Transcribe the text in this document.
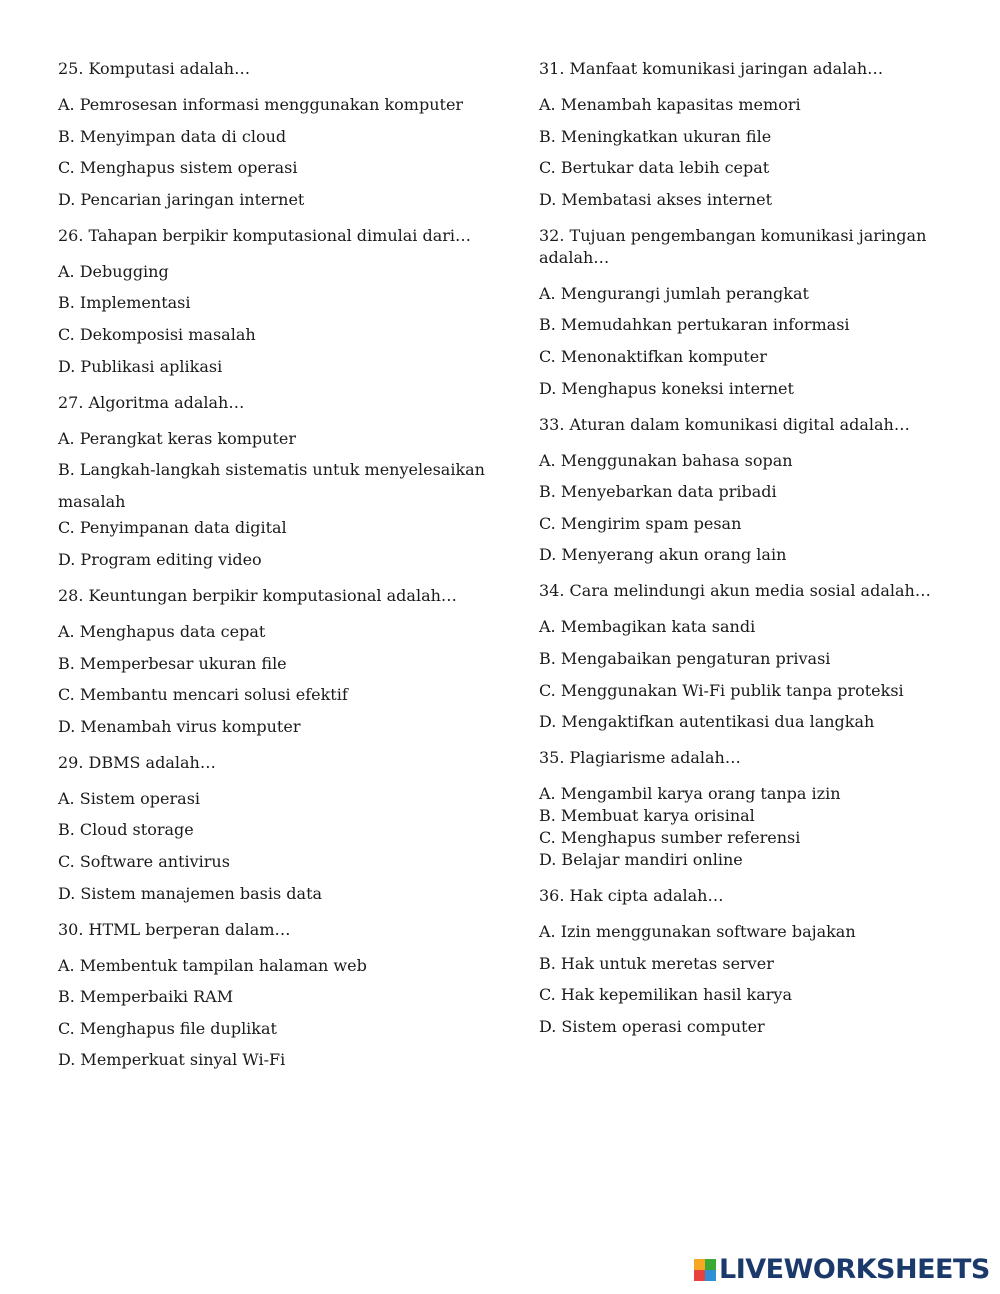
25. Komputasi adalah…

A. Pemrosesan informasi menggunakan komputer

B. Menyimpan data di cloud

C. Menghapus sistem operasi

D. Pencarian jaringan internet

26. Tahapan berpikir komputasional dimulai dari…

A. Debugging

B. Implementasi

C. Dekomposisi masalah

D. Publikasi aplikasi

27. Algoritma adalah…

A. Perangkat keras komputer

B. Langkah-langkah sistematis untuk menyelesaikan masalah

C. Penyimpanan data digital

D. Program editing video

28. Keuntungan berpikir komputasional adalah…

A. Menghapus data cepat

B. Memperbesar ukuran file

C. Membantu mencari solusi efektif

D. Menambah virus komputer

29. DBMS adalah…

A. Sistem operasi

B. Cloud storage

C. Software antivirus

D. Sistem manajemen basis data

30. HTML berperan dalam…

A. Membentuk tampilan halaman web

B. Memperbaiki RAM

C. Menghapus file duplikat

D. Memperkuat sinyal Wi-Fi

31. Manfaat komunikasi jaringan adalah…

A. Menambah kapasitas memori

B. Meningkatkan ukuran file

C. Bertukar data lebih cepat

D. Membatasi akses internet

32. Tujuan pengembangan komunikasi jaringan adalah…

A. Mengurangi jumlah perangkat

B. Memudahkan pertukaran informasi

C. Menonaktifkan komputer

D. Menghapus koneksi internet

33. Aturan dalam komunikasi digital adalah…

A. Menggunakan bahasa sopan

B. Menyebarkan data pribadi

C. Mengirim spam pesan

D. Menyerang akun orang lain

34. Cara melindungi akun media sosial adalah…

A. Membagikan kata sandi

B. Mengabaikan pengaturan privasi

C. Menggunakan Wi-Fi publik tanpa proteksi

D. Mengaktifkan autentikasi dua langkah

35. Plagiarisme adalah…

A. Mengambil karya orang tanpa izin

B. Membuat karya orisinal

C. Menghapus sumber referensi

D. Belajar mandiri online

36. Hak cipta adalah…

A. Izin menggunakan software bajakan

B. Hak untuk meretas server

C. Hak kepemilikan hasil karya

D. Sistem operasi computer

LIVEWORKSHEETS
